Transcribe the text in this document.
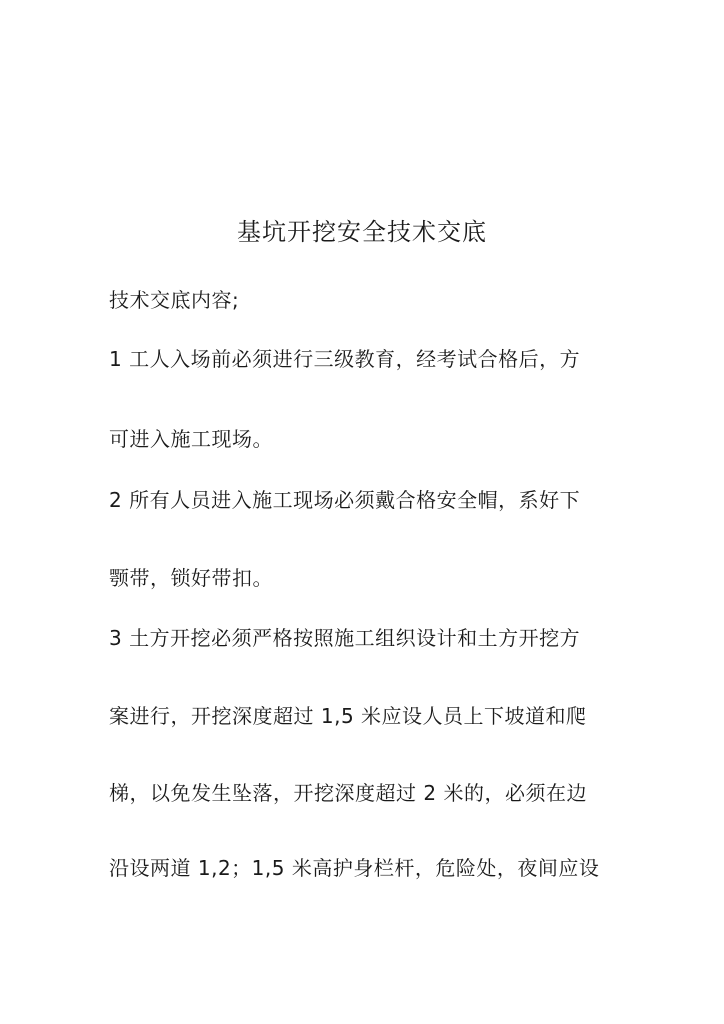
基坑开挖安全技术交底
技术交底内容;
1 工人入场前必须进行三级教育，经考试合格后，方
可进入施工现场。
2 所有人员进入施工现场必须戴合格安全帽，系好下
颚带，锁好带扣。
3 土方开挖必须严格按照施工组织设计和土方开挖方
案进行，开挖深度超过 1,5 米应设人员上下坡道和爬
梯，以免发生坠落，开挖深度超过 2 米的，必须在边
沿设两道 1,2；1,5 米高护身栏杆，危险处，夜间应设
